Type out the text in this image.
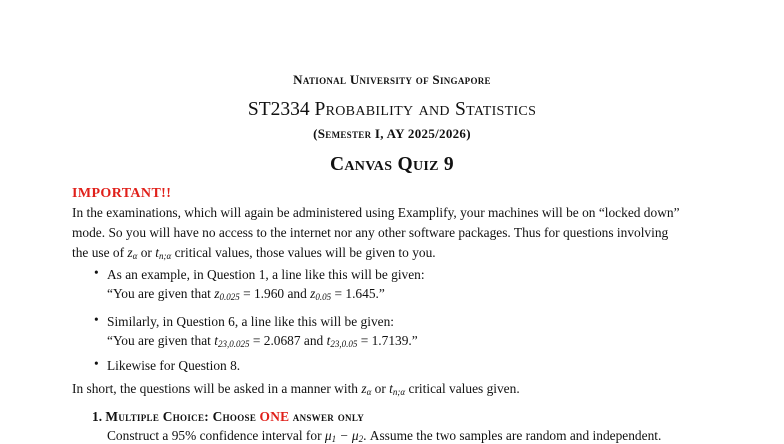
National University of Singapore
ST2334 Probability and Statistics
(Semester I, AY 2025/2026)
Canvas Quiz 9
IMPORTANT!!
In the examinations, which will again be administered using Examplify, your machines will be on “locked down”
mode. So you will have no access to the internet nor any other software packages. Thus for questions involving
the use of $z_\alpha$ or $t_{n;\alpha}$ critical values, those values will be given to you.
• As an example, in Question 1, a line like this will be given:
“You are given that $z_{0.025} = 1.960$ and $z_{0.05} = 1.645$.”
• Similarly, in Question 6, a line like this will be given:
“You are given that $t_{23,0.025} = 2.0687$ and $t_{23,0.05} = 1.7139$.”
• Likewise for Question 8.
In short, the questions will be asked in a manner with $z_\alpha$ or $t_{n;\alpha}$ critical values given.
1. Multiple Choice: Choose ONE answer only
Construct a 95% confidence interval for $\mu_1 - \mu_2$. Assume the two samples are random and independent.
